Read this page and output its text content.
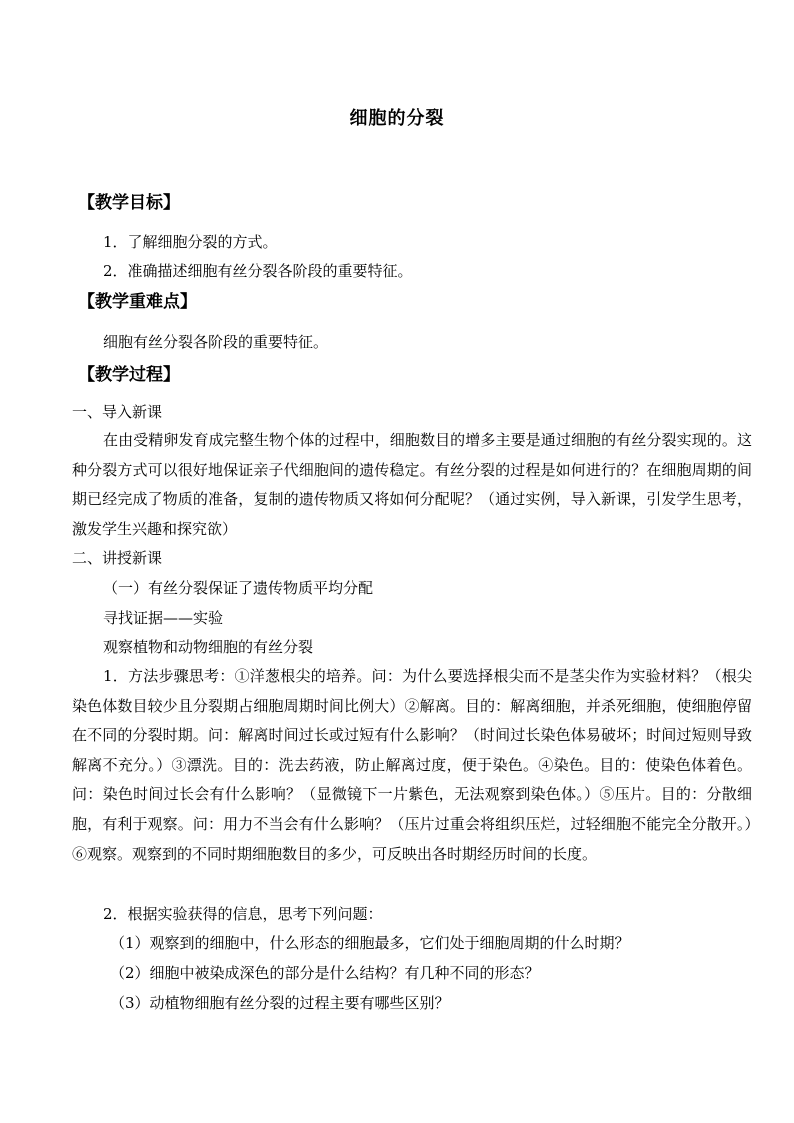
细胞的分裂
【教学目标】
1．了解细胞分裂的方式。
2．准确描述细胞有丝分裂各阶段的重要特征。
【教学重难点】
细胞有丝分裂各阶段的重要特征。
【教学过程】
一、导入新课
在由受精卵发育成完整生物个体的过程中，细胞数目的增多主要是通过细胞的有丝分裂实现的。这种分裂方式可以很好地保证亲子代细胞间的遗传稳定。有丝分裂的过程是如何进行的？在细胞周期的间期已经完成了物质的准备，复制的遗传物质又将如何分配呢？（通过实例，导入新课，引发学生思考，激发学生兴趣和探究欲）
二、讲授新课
（一）有丝分裂保证了遗传物质平均分配
寻找证据——实验
观察植物和动物细胞的有丝分裂
1．方法步骤思考：①洋葱根尖的培养。问：为什么要选择根尖而不是茎尖作为实验材料？（根尖染色体数目较少且分裂期占细胞周期时间比例大）②解离。目的：解离细胞，并杀死细胞，使细胞停留在不同的分裂时期。问：解离时间过长或过短有什么影响？（时间过长染色体易破坏；时间过短则导致解离不充分。）③漂洗。目的：洗去药液，防止解离过度，便于染色。④染色。目的：使染色体着色。问：染色时间过长会有什么影响？（显微镜下一片紫色，无法观察到染色体。）⑤压片。目的：分散细胞，有利于观察。问：用力不当会有什么影响？（压片过重会将组织压烂，过轻细胞不能完全分散开。）⑥观察。观察到的不同时期细胞数目的多少，可反映出各时期经历时间的长度。
2．根据实验获得的信息，思考下列问题：
（1）观察到的细胞中，什么形态的细胞最多，它们处于细胞周期的什么时期？
（2）细胞中被染成深色的部分是什么结构？有几种不同的形态？
（3）动植物细胞有丝分裂的过程主要有哪些区别？
